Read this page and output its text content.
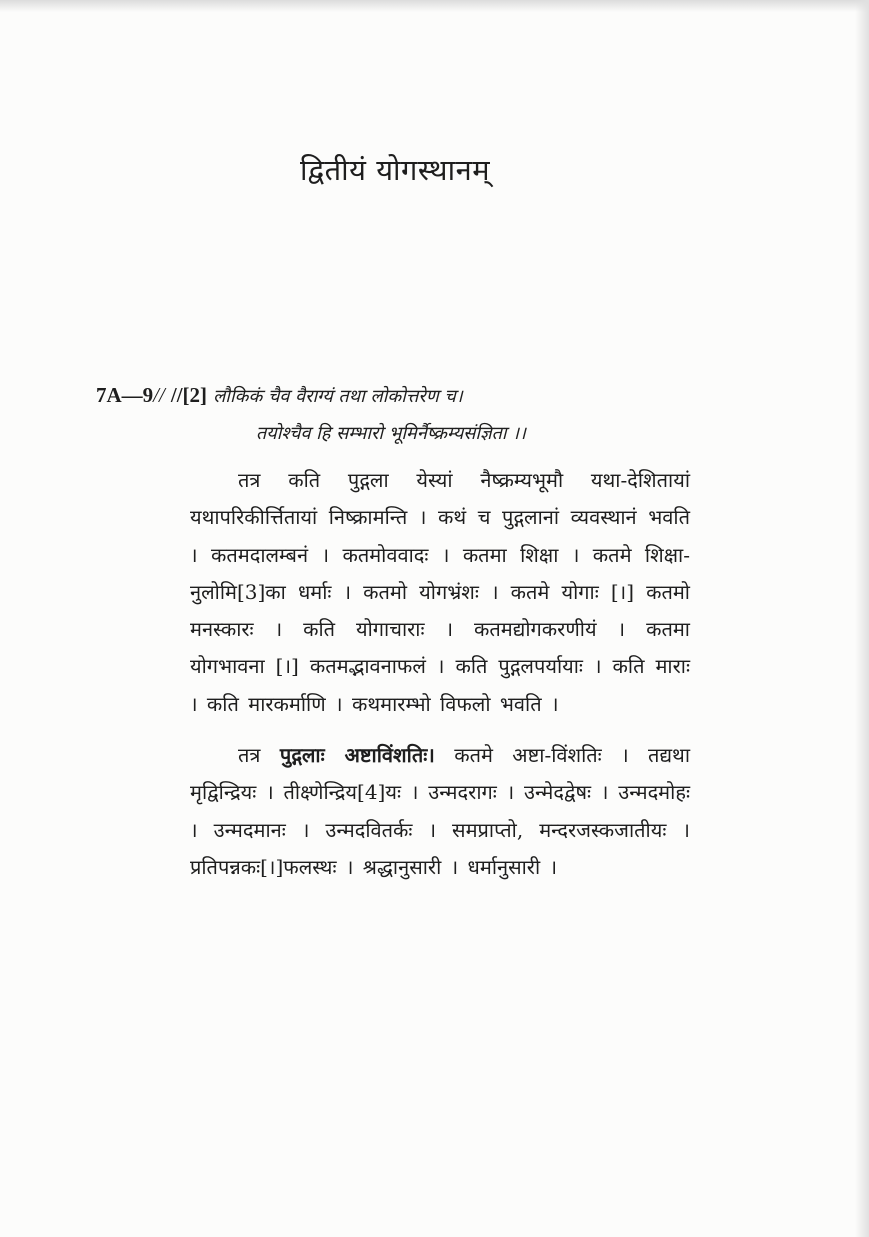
द्वितीयं योगस्थानम्
7A—9// //[2] लौकिकं चैव वैराग्यं तथा लोकोत्तरेण च।
तयोश्चैव हि सम्भारो भूमिर्नैष्क्रम्यसंज्ञिता ।।

तत्र कति पुद्गला येस्यां नैष्क्रम्यभूमौ यथा-देशितायां यथापरिकीर्त्तितायां निष्क्रामन्ति । कथं च पुद्गलानां व्यवस्थानं भवति । कतमदालम्बनं । कतमोववादः । कतमा शिक्षा । कतमे शिक्षा-नुलोमि[3]का धर्माः । कतमो योगभ्रंशः । कतमे योगाः [।] कतमो मनस्कारः । कति योगाचाराः । कतमद्योगकरणीयं । कतमा योगभावना [।] कतमद्भावनाफलं । कति पुद्गलपर्यायाः । कति माराः । कति मारकर्माणि । कथमारम्भो विफलो भवति ।

तत्र पुद्गलाः अष्टाविंशतिः। कतमे अष्टा-विंशतिः । तद्यथा मृद्विन्द्रियः । तीक्ष्णेन्द्रिय[4]यः । उन्मदरागः । उन्मेदद्वेषः । उन्मदमोहः । उन्मदमानः । उन्मदवितर्कः । समप्राप्तो, मन्दरजस्कजातीयः । प्रतिपन्नकः[।]फलस्थः । श्रद्धानुसारी । धर्मानुसारी ।
